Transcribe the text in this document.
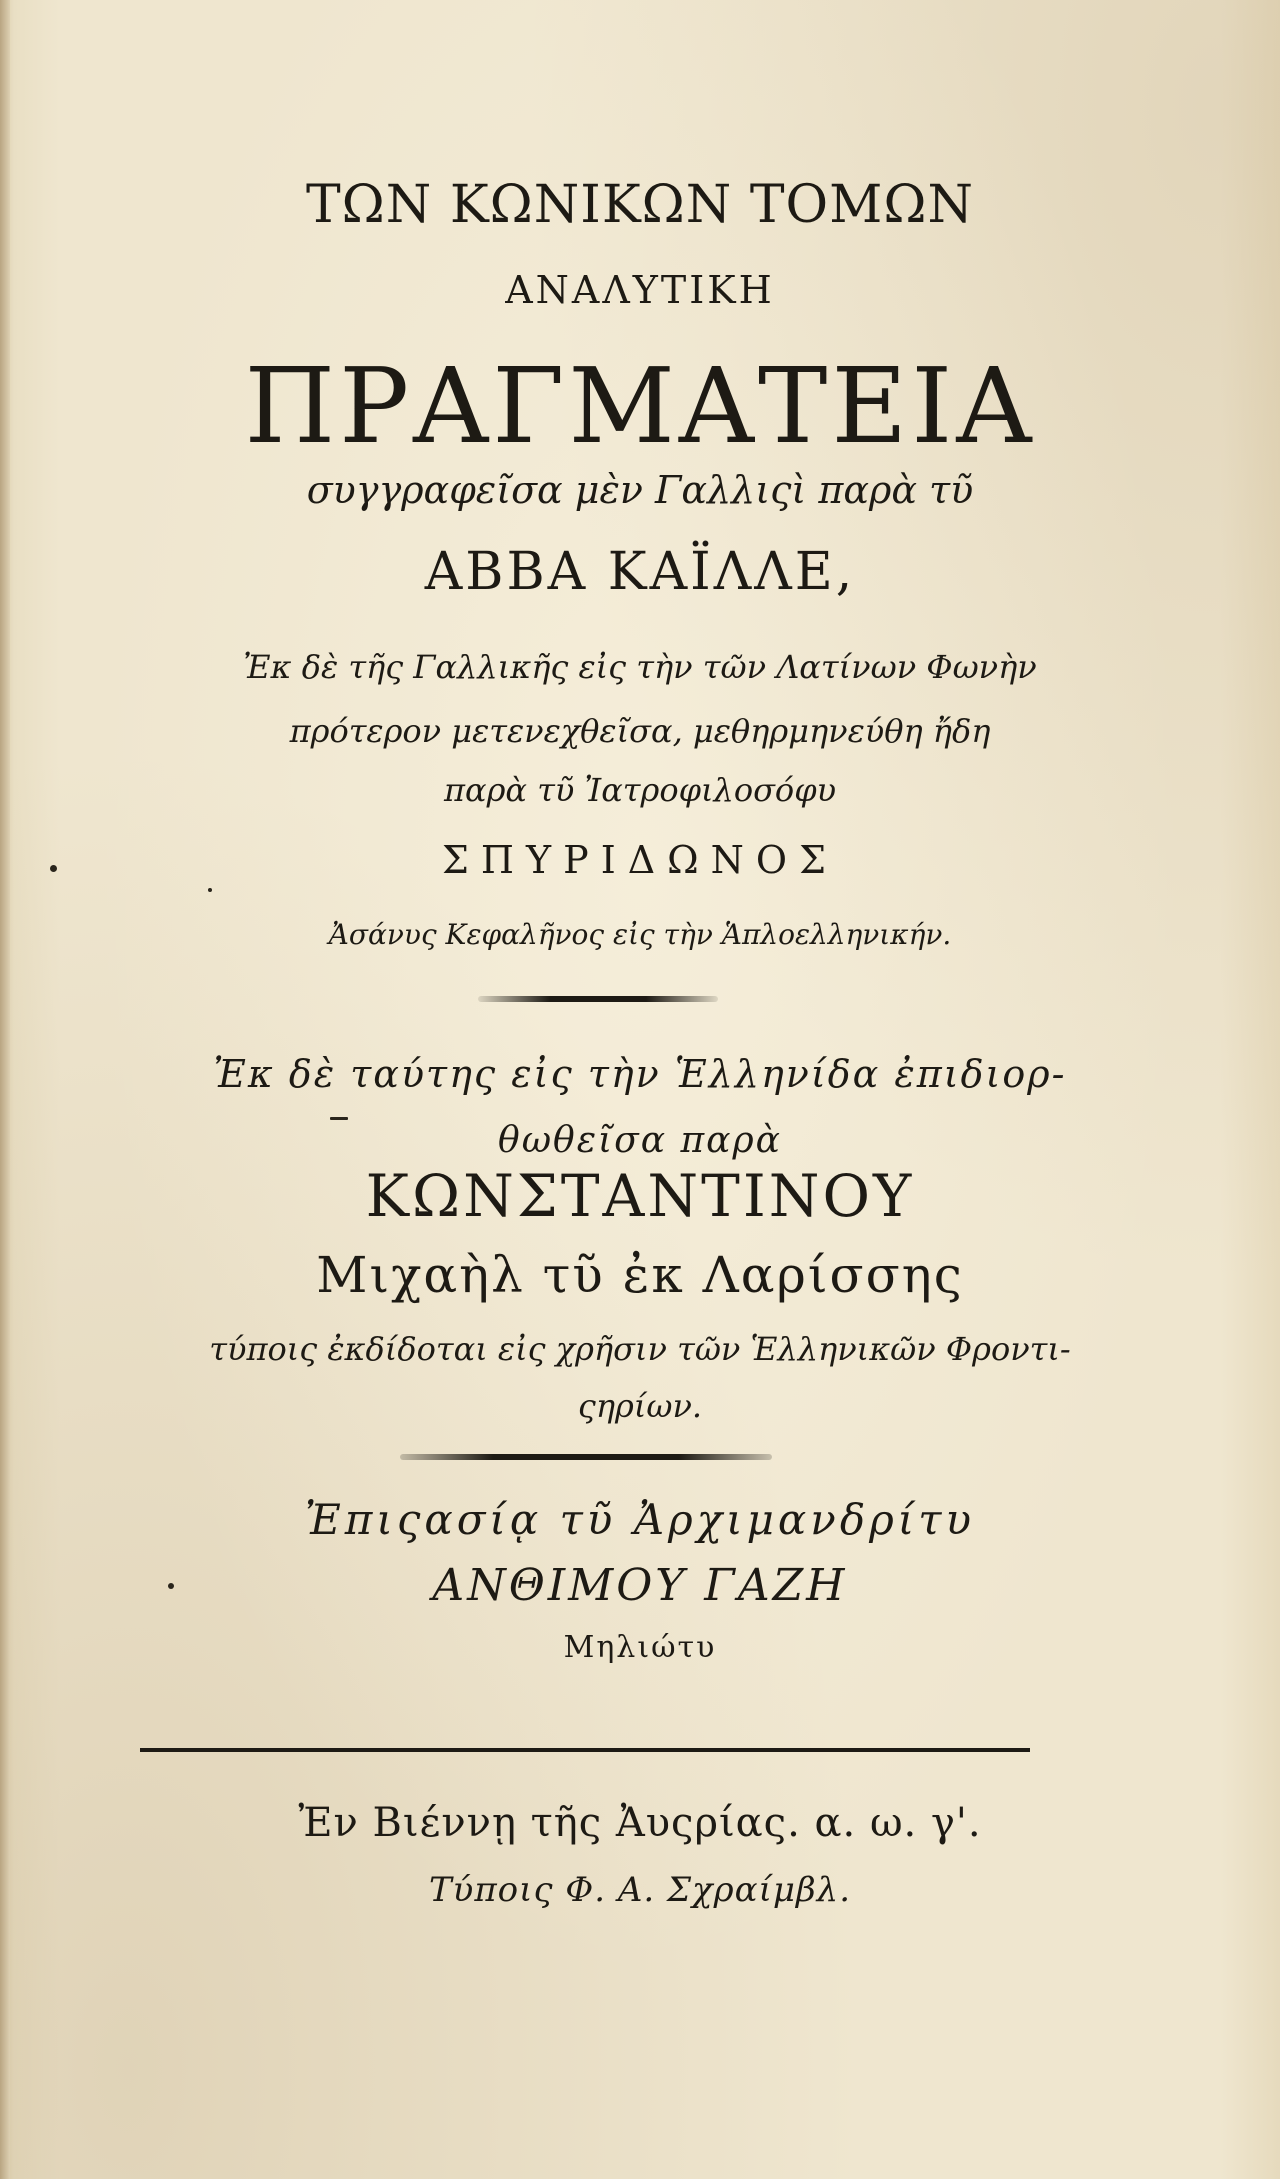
ΤΩΝ ΚΩΝΙΚΩΝ ΤΟΜΩΝ
ΑΝΑΛΥΤΙΚΗ
ΠΡΑΓΜΑΤΕΙΑ
συγγραφεῖσα μὲν Γαλλιςὶ παρὰ τῦ
ΑΒΒΑ ΚΑΪΛΛΕ,
Ἐκ δὲ τῆς Γαλλικῆς εἰς τὴν τῶν Λατίνων Φωνὴν
πρότερον μετενεχθεῖσα, μεθηρμηνεύθη ἤδη
παρὰ τῦ Ἰατροφιλοσόφυ
ΣΠΥΡΙΔΩΝΟΣ
Ἀσάνυς Κεφαλῆνος εἰς τὴν Ἁπλοελληνικήν.
Ἐκ δὲ ταύτης εἰς τὴν Ἑλληνίδα ἐπιδιορ-
θωθεῖσα παρὰ
ΚΩΝΣΤΑΝΤΙΝΟΥ
Μιχαὴλ τῦ ἐκ Λαρίσσης
τύποις ἐκδίδοται εἰς χρῆσιν τῶν Ἑλληνικῶν Φροντι-
ςηρίων.
Ἐπιςασίᾳ τῦ Ἀρχιμανδρίτυ
ΑΝΘΙΜΟΥ ΓΑΖΗ
Μηλιώτυ
Ἐν Βιέννῃ τῆς Ἀυςρίας. α. ω. γ'.
Τύποις Φ. Α. Σχραίμβλ.
